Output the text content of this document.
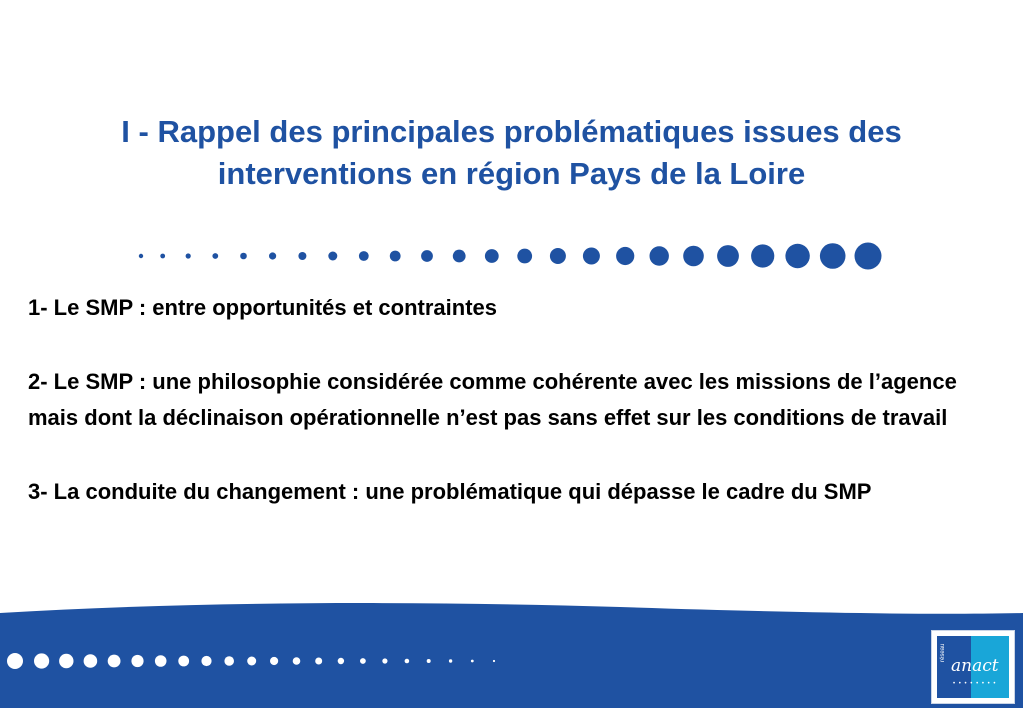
I - Rappel des principales problématiques issues des
interventions en région Pays de la Loire

1- Le SMP : entre opportunités et contraintes

2- Le SMP : une philosophie considérée comme cohérente avec les missions de l’agence mais dont la déclinaison opérationnelle n’est pas sans effet sur les conditions de travail

3- La conduite du changement : une problématique qui dépasse le cadre du SMP

réseau
anact
• • • • • • • •
